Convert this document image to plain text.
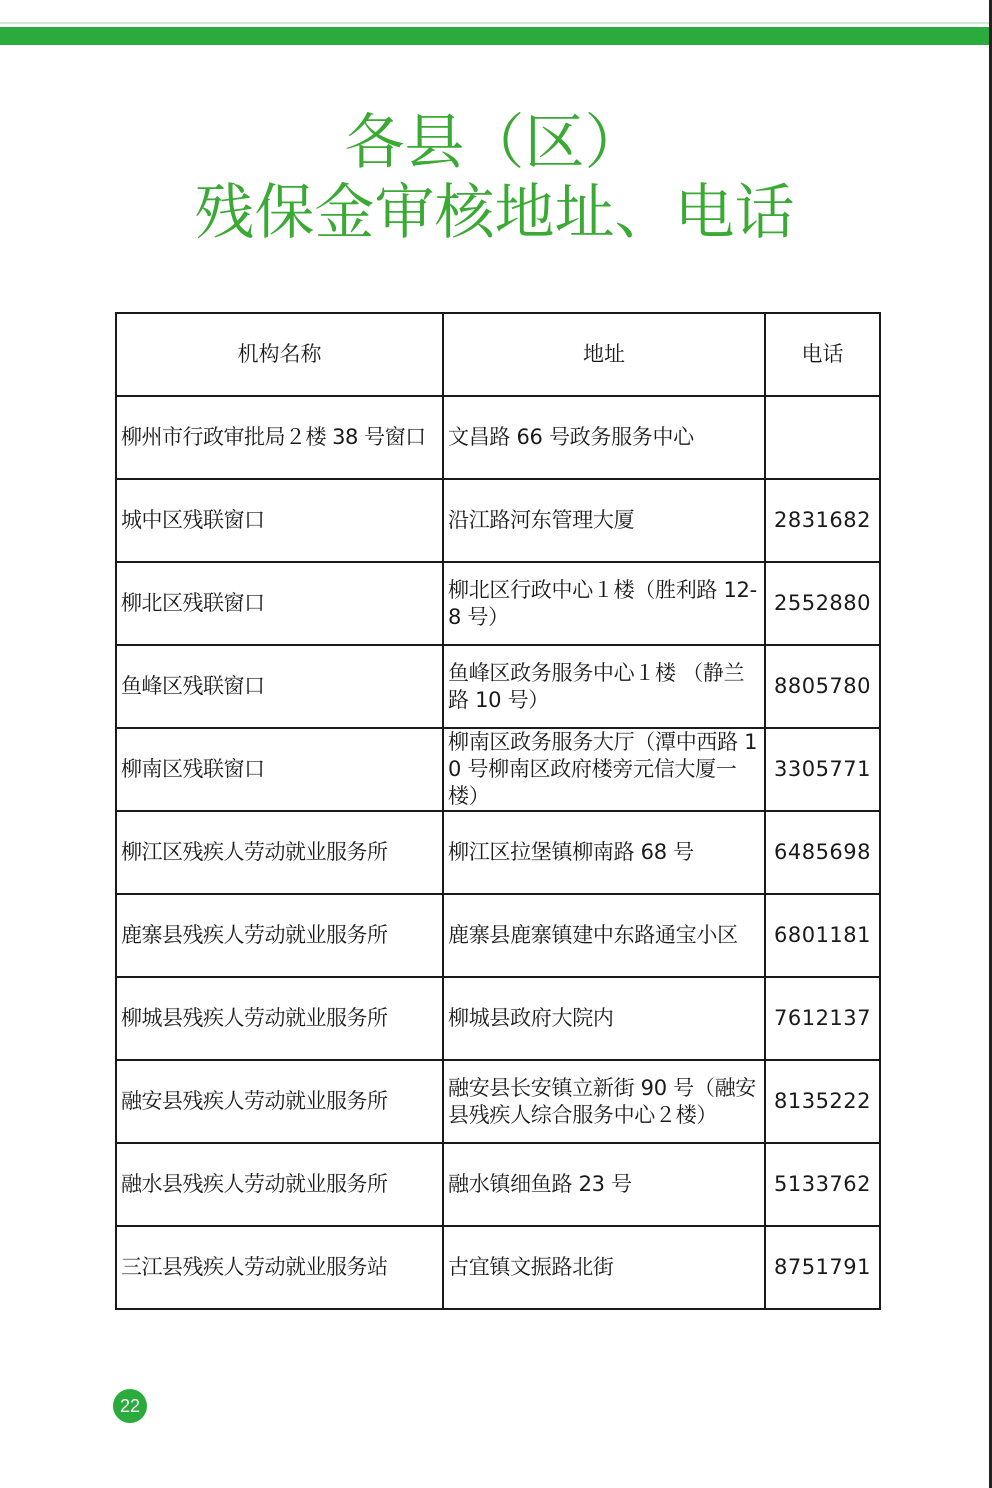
各县（区）
残保金审核地址、电话
机构名称	地址	电话
柳州市行政审批局２楼 38 号窗口	文昌路 66 号政务服务中心	
城中区残联窗口	沿江路河东管理大厦	2831682
柳北区残联窗口	柳北区行政中心１楼（胜利路 12- 8 号）	2552880
鱼峰区残联窗口	鱼峰区政务服务中心１楼 （静兰路 10 号）	8805780
柳南区残联窗口	柳南区政务服务大厅（潭中西路 10 号柳南区政府楼旁元信大厦一楼）	3305771
柳江区残疾人劳动就业服务所	柳江区拉堡镇柳南路 68 号	6485698
鹿寨县残疾人劳动就业服务所	鹿寨县鹿寨镇建中东路通宝小区	6801181
柳城县残疾人劳动就业服务所	柳城县政府大院内	7612137
融安县残疾人劳动就业服务所	融安县长安镇立新街 90 号（融安县残疾人综合服务中心２楼）	8135222
融水县残疾人劳动就业服务所	融水镇细鱼路 23 号	5133762
三江县残疾人劳动就业服务站	古宜镇文振路北街	8751791
22
